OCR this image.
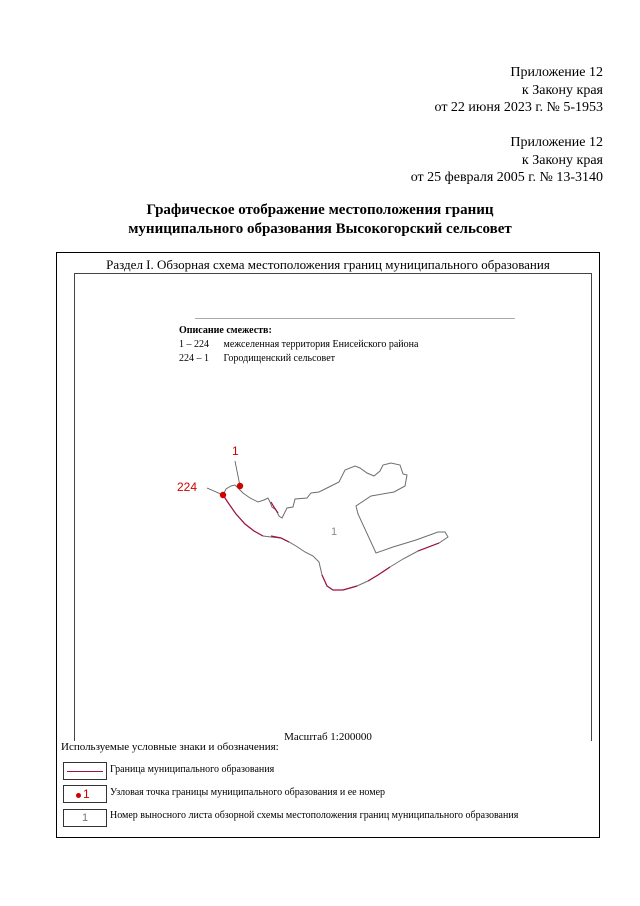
Приложение 12
к Закону края
от 22 июня 2023 г. № 5-1953
Приложение 12
к Закону края
от 25 февраля 2005 г. № 13-3140
Графическое отображение местоположения границ
муниципального образования Высокогорский сельсовет
Раздел I. Обзорная схема местоположения границ муниципального образования
Описание смежеств:
1 – 224 межселенная территория Енисейского района
224 – 1 Городищенский сельсовет
1
224
1
Масштаб 1:200000
Используемые условные знаки и обозначения:
Граница муниципального образования
1 Узловая точка границы муниципального образования и ее номер
1	Номер выносного листа обзорной схемы местоположения границ муниципального образования
